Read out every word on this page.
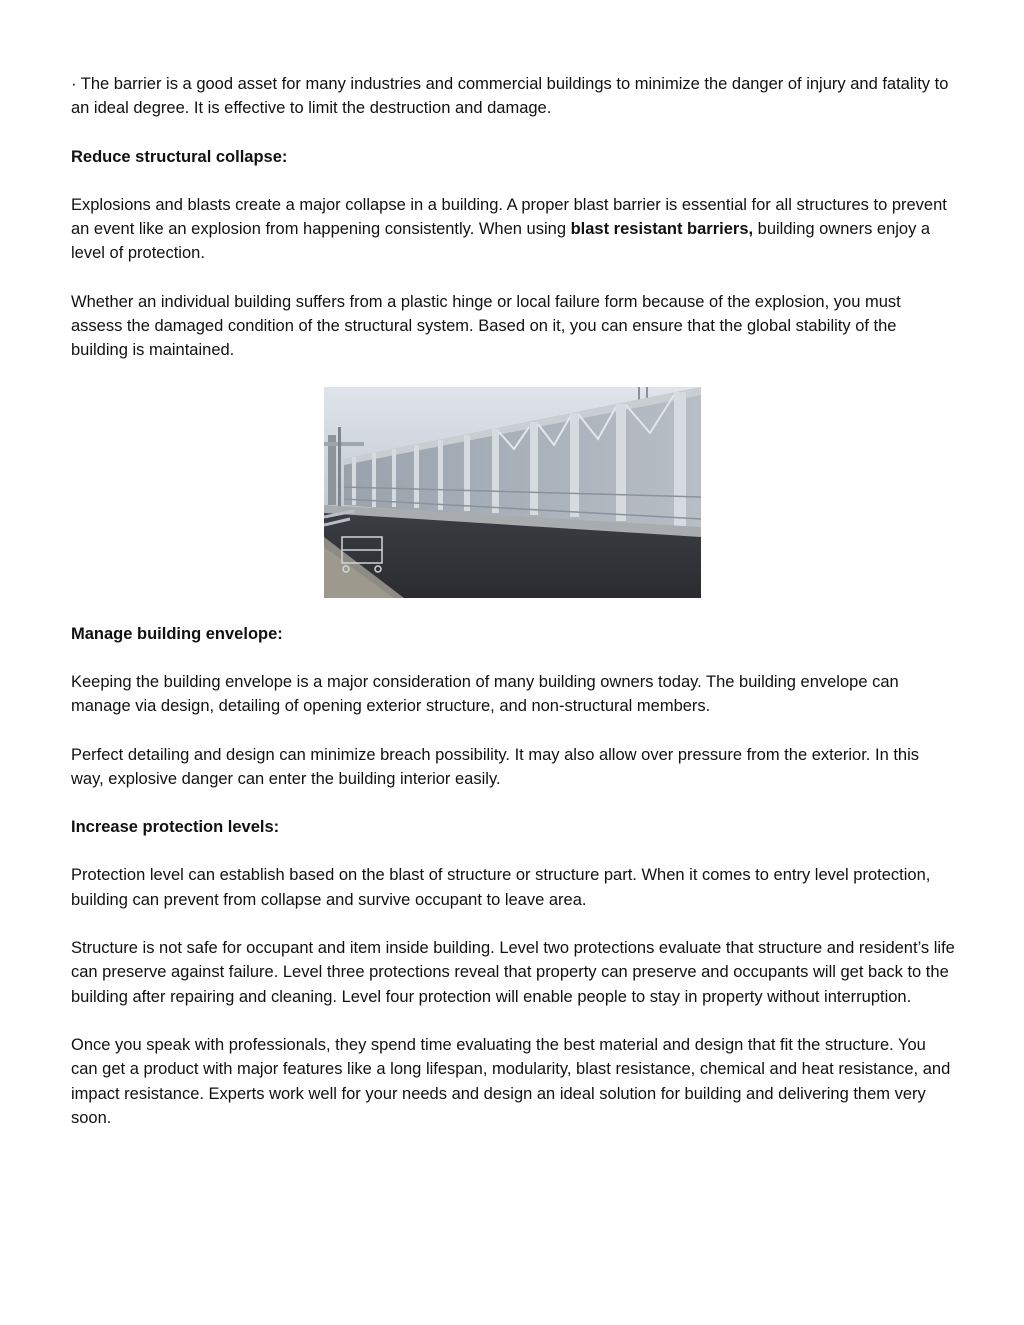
· The barrier is a good asset for many industries and commercial buildings to minimize the danger of injury and fatality to an ideal degree. It is effective to limit the destruction and damage.

Reduce structural collapse:

Explosions and blasts create a major collapse in a building. A proper blast barrier is essential for all structures to prevent an event like an explosion from happening consistently. When using blast resistant barriers, building owners enjoy a level of protection.

Whether an individual building suffers from a plastic hinge or local failure form because of the explosion, you must assess the damaged condition of the structural system. Based on it, you can ensure that the global stability of the building is maintained.

Manage building envelope:

Keeping the building envelope is a major consideration of many building owners today. The building envelope can manage via design, detailing of opening exterior structure, and non-structural members.

Perfect detailing and design can minimize breach possibility. It may also allow over pressure from the exterior. In this way, explosive danger can enter the building interior easily.

Increase protection levels:

Protection level can establish based on the blast of structure or structure part. When it comes to entry level protection, building can prevent from collapse and survive occupant to leave area.

Structure is not safe for occupant and item inside building. Level two protections evaluate that structure and resident’s life can preserve against failure. Level three protections reveal that property can preserve and occupants will get back to the building after repairing and cleaning. Level four protection will enable people to stay in property without interruption.

Once you speak with professionals, they spend time evaluating the best material and design that fit the structure. You can get a product with major features like a long lifespan, modularity, blast resistance, chemical and heat resistance, and impact resistance. Experts work well for your needs and design an ideal solution for building and delivering them very soon.
